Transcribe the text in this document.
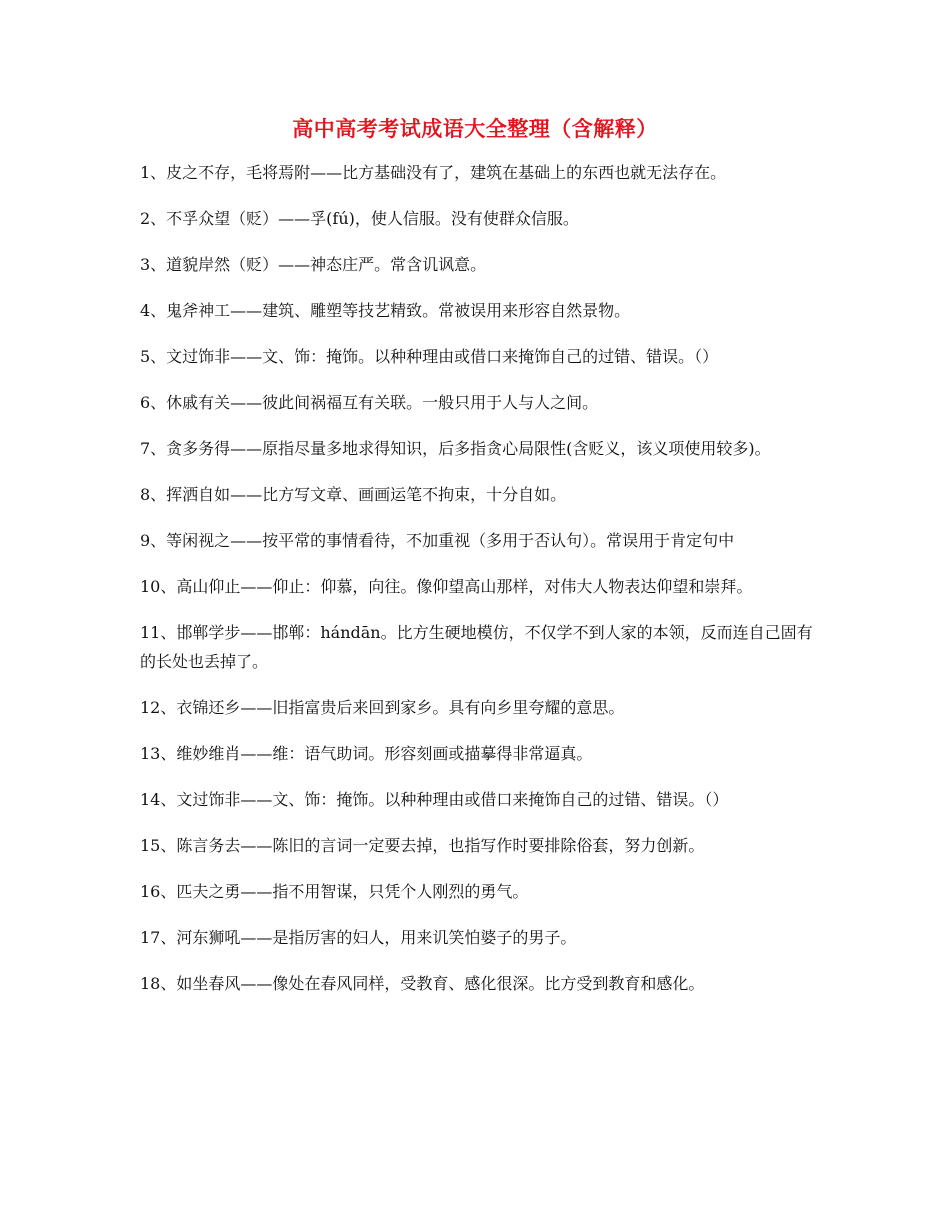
高中高考考试成语大全整理（含解释）

1、皮之不存，毛将焉附——比方基础没有了，建筑在基础上的东西也就无法存在。

2、不孚众望（贬）——孚(fú)，使人信服。没有使群众信服。

3、道貌岸然（贬）——神态庄严。常含讥讽意。

4、鬼斧神工——建筑、雕塑等技艺精致。常被误用来形容自然景物。

5、文过饰非——文、饰：掩饰。以种种理由或借口来掩饰自己的过错、错误。（）

6、休戚有关——彼此间祸福互有关联。一般只用于人与人之间。

7、贪多务得——原指尽量多地求得知识，后多指贪心局限性(含贬义，该义项使用较多)。

8、挥洒自如——比方写文章、画画运笔不拘束，十分自如。

9、等闲视之——按平常的事情看待，不加重视（多用于否认句）。常误用于肯定句中

10、高山仰止——仰止：仰慕，向往。像仰望高山那样，对伟大人物表达仰望和崇拜。

11、邯郸学步——邯郸：hándān。比方生硬地模仿，不仅学不到人家的本领，反而连自己固有的长处也丢掉了。

12、衣锦还乡——旧指富贵后来回到家乡。具有向乡里夸耀的意思。

13、维妙维肖——维：语气助词。形容刻画或描摹得非常逼真。

14、文过饰非——文、饰：掩饰。以种种理由或借口来掩饰自己的过错、错误。（）

15、陈言务去——陈旧的言词一定要去掉，也指写作时要排除俗套，努力创新。

16、匹夫之勇——指不用智谋，只凭个人刚烈的勇气。

17、河东狮吼——是指厉害的妇人，用来讥笑怕婆子的男子。

18、如坐春风——像处在春风同样，受教育、感化很深。比方受到教育和感化。
